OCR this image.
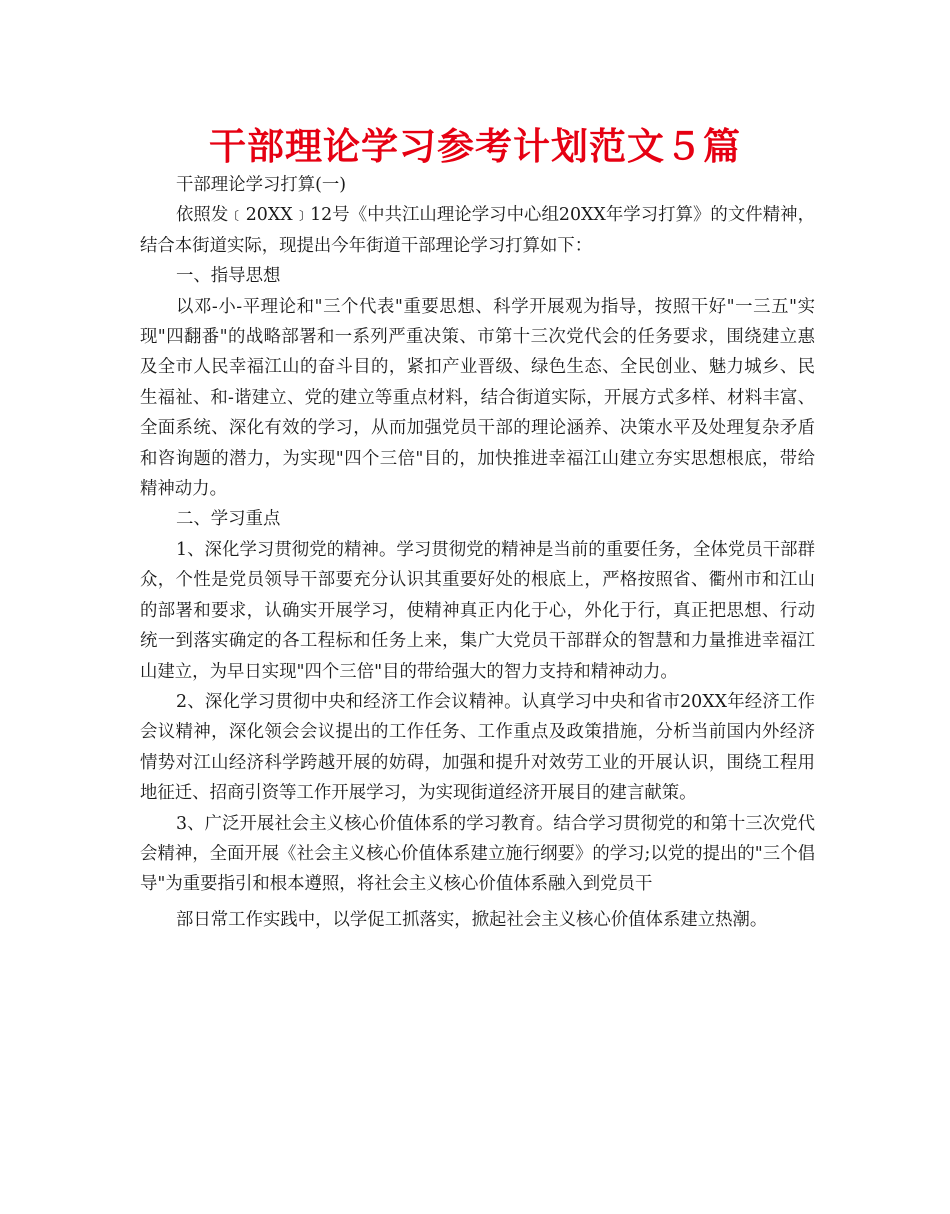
干部理论学习参考计划范文５篇

干部理论学习打算(一)

依照发﹝20XX﹞12号《中共江山理论学习中心组20XX年学习打算》的文件精神，结合本街道实际，现提出今年街道干部理论学习打算如下：

一、指导思想

以邓-小-平理论和"三个代表"重要思想、科学开展观为指导，按照干好"一三五"实现"四翻番"的战略部署和一系列严重决策、市第十三次党代会的任务要求，围绕建立惠及全市人民幸福江山的奋斗目的，紧扣产业晋级、绿色生态、全民创业、魅力城乡、民生福祉、和-谐建立、党的建立等重点材料，结合街道实际，开展方式多样、材料丰富、全面系统、深化有效的学习，从而加强党员干部的理论涵养、决策水平及处理复杂矛盾和咨询题的潜力，为实现"四个三倍"目的，加快推进幸福江山建立夯实思想根底，带给精神动力。

二、学习重点

1、深化学习贯彻党的精神。学习贯彻党的精神是当前的重要任务，全体党员干部群众，个性是党员领导干部要充分认识其重要好处的根底上，严格按照省、衢州市和江山的部署和要求，认确实开展学习，使精神真正内化于心，外化于行，真正把思想、行动统一到落实确定的各工程标和任务上来，集广大党员干部群众的智慧和力量推进幸福江山建立，为早日实现"四个三倍"目的带给强大的智力支持和精神动力。

2、深化学习贯彻中央和经济工作会议精神。认真学习中央和省市20XX年经济工作会议精神，深化领会会议提出的工作任务、工作重点及政策措施，分析当前国内外经济情势对江山经济科学跨越开展的妨碍，加强和提升对效劳工业的开展认识，围绕工程用地征迁、招商引资等工作开展学习，为实现街道经济开展目的建言献策。

3、广泛开展社会主义核心价值体系的学习教育。结合学习贯彻党的和第十三次党代会精神，全面开展《社会主义核心价值体系建立施行纲要》的学习;以党的提出的"三个倡导"为重要指引和根本遵照，将社会主义核心价值体系融入到党员干

部日常工作实践中，以学促工抓落实，掀起社会主义核心价值体系建立热潮。
